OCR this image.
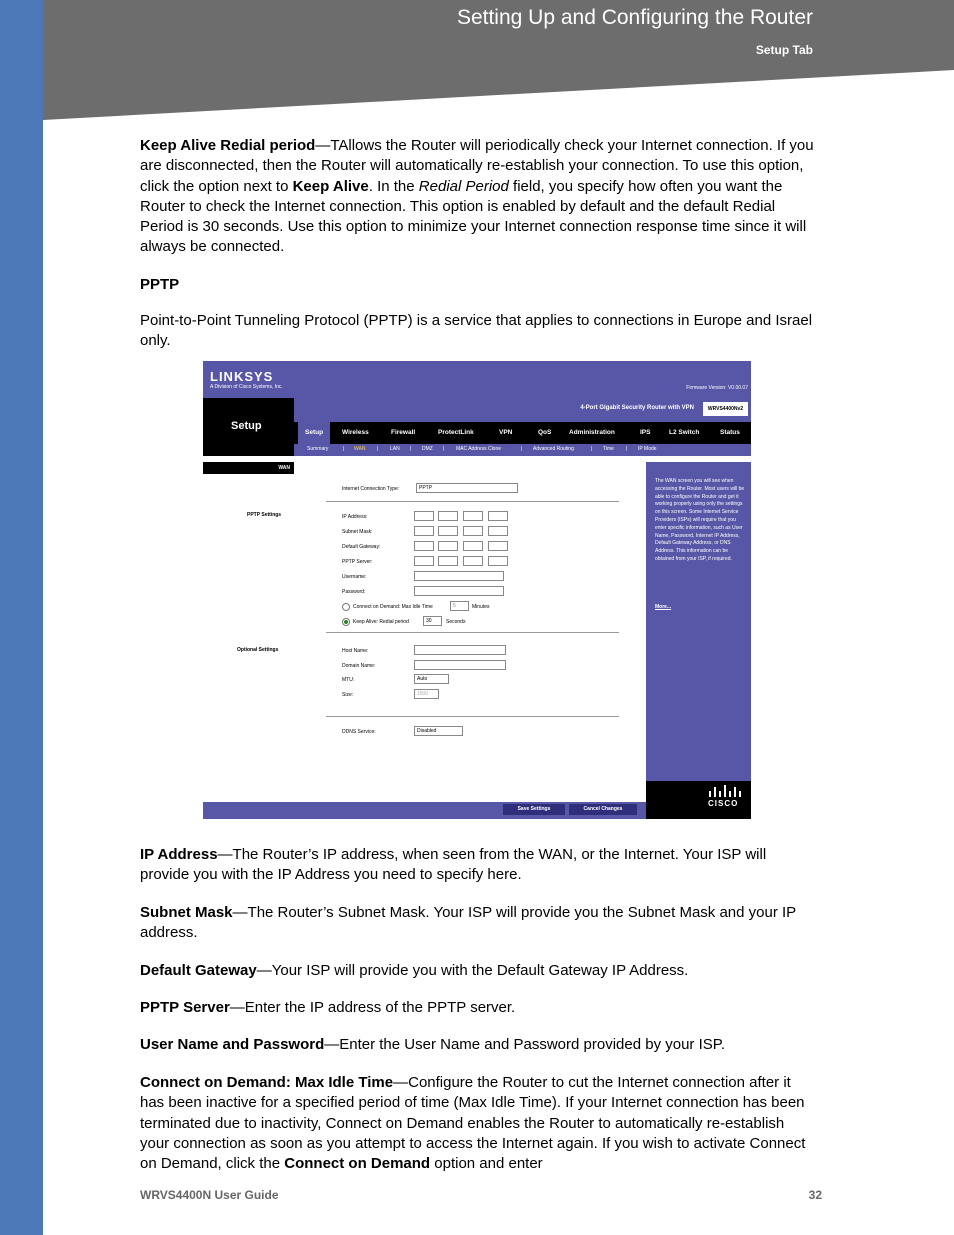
Setting Up and Configuring the Router
Setup Tab

Keep Alive Redial period—TAllows the Router will periodically check your Internet connection. If you are disconnected, then the Router will automatically re-establish your connection. To use this option, click the option next to Keep Alive. In the Redial Period field, you specify how often you want the Router to check the Internet connection. This option is enabled by default and the default Redial Period is 30 seconds. Use this option to minimize your Internet connection response time since it will always be connected.

PPTP
Point-to-Point Tunneling Protocol (PPTP) is a service that applies to connections in Europe and Israel only.
LINKSYS
A Division of Cisco Systems, Inc.	Firmware Version: V0.00.07
Setup
4-Port Gigabit Security Router with VPN	WRVS4400Nv2
Setup	Wireless	Firewall	ProtectLink	VPN	QoS	Administration	IPS	L2 Switch	Status
Summary	| WAN | LAN | DMZ | MAC Address Clone	| Advanced Routing	| Time | IP Mode
WAN
PPTP Settings
Optional Settings
Internet Connection Type:	PPTP
IP Address:
Subnet Mask:
Default Gateway:
PPTP Server:
Username:
Password:
Connect on Demand: Max Idle Time	5	Minutes
Keep Alive: Redial period	30	Seconds
Host Name:
Domain Name:
MTU:	Auto
Size:	1500
DDNS Service:	Disabled
The WAN screen you will see when accessing the Router. Most users will be able to configure the Router and get it working properly using only the settings on this screen. Some Internet Service Providers (ISPs) will require that you enter specific information, such as User Name, Password, Internet IP Address, Default Gateway Address, or DNS Address. This information can be obtained from your ISP, if required.
More...
Save Settings	Cancel Changes
CISCO

IP Address—The Router’s IP address, when seen from the WAN, or the Internet. Your ISP will provide you with the IP Address you need to specify here.

Subnet Mask—The Router’s Subnet Mask. Your ISP will provide you the Subnet Mask and your IP address.

Default Gateway—Your ISP will provide you with the Default Gateway IP Address.

PPTP Server—Enter the IP address of the PPTP server.

User Name and Password—Enter the User Name and Password provided by your ISP.

Connect on Demand: Max Idle Time—Configure the Router to cut the Internet connection after it has been inactive for a specified period of time (Max Idle Time). If your Internet connection has been terminated due to inactivity, Connect on Demand enables the Router to automatically re-establish your connection as soon as you attempt to access the Internet again. If you wish to activate Connect on Demand, click the Connect on Demand option and enter

WRVS4400N User Guide	32
